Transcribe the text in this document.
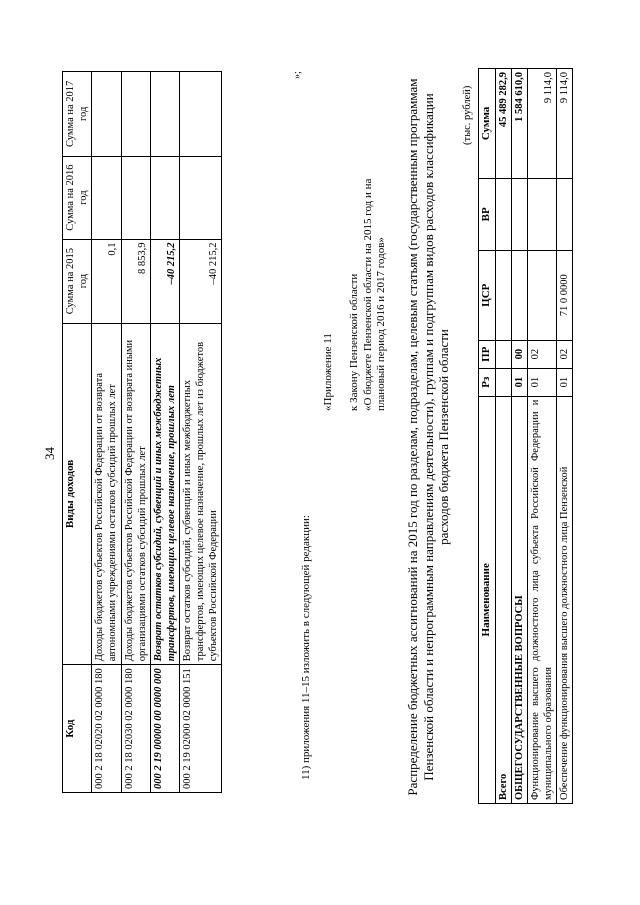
34
»;
Код	Виды доходов	Сумма на 2015 год	Сумма на 2016 год	Сумма на 2017 год
000 2 18 02020 02 0000 180	Доходы бюджетов субъектов Российской Федерации от возврата автономными учреждениями остатков субсидий прошлых лет	0,1		
000 2 18 02030 02 0000 180	Доходы бюджетов субъектов Российской Федерации от возврата иными организациями остатков субсидий прошлых лет	8 853,9		
000 2 19 00000 00 0000 000	Возврат остатков субсидий, субвенций и иных межбюджетных трансфертов, имеющих целевое назначение, прошлых лет	–40 215,2		
000 2 19 02000 02 0000 151	Возврат остатков субсидий, субвенций и иных межбюджетных трансфертов, имеющих целевое назначение, прошлых лет из бюджетов субъектов Российской Федерации	–40 215,2		
11) приложения 11–15 изложить в следующей редакции:
«Приложение 11 к Закону Пензенской области «О бюджете Пензенской области на 2015 год и на плановый период 2016 и 2017 годов» Распределение бюджетных ассигнований на 2015 год по разделам, подразделам, целевым статьям (государственным программам Пензенской области и непрограммным направлениям деятельности), группам и подгруппам видов расходов классификации расходов бюджета Пензенской области
(тыс. рублей)
Наименование	Рз	ПР	ЦСР	ВР	Сумма
Всего					45 489 282,9
ОБЩЕГОСУДАРСТВЕННЫЕ ВОПРОСЫ	01	00			1 584 610,0
Функционирование высшего должностного лица субъекта Российской Федерации и муниципального образования	01	02			9 114,0
Обеспечение функционирования высшего должностного лица Пензенской	01	02	71 0 0000		9 114,0
